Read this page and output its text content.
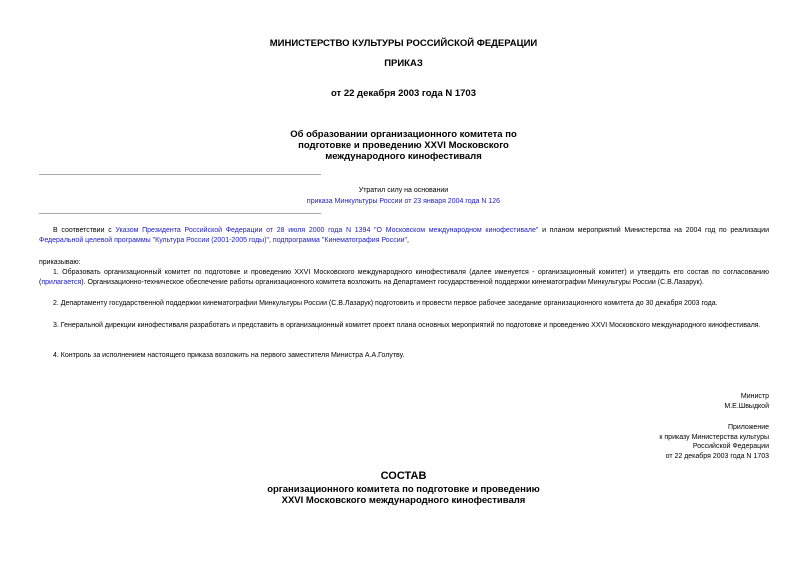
МИНИСТЕРСТВО КУЛЬТУРЫ РОССИЙСКОЙ ФЕДЕРАЦИИ
ПРИКАЗ
от 22 декабря 2003 года N 1703
Об образовании организационного комитета по
подготовке и проведению XXVI Московского
международного кинофестиваля
Утратил силу на основании
приказа Минкультуры России от 23 января 2004 года N 126
В соответствии с Указом Президента Российской Федерации от 28 июля 2000 года N 1394 "О Московском международном кинофестивале" и планом мероприятий Министерства на 2004 год по реализации Федеральной целевой программы "Культура России (2001-2005 годы)", подпрограмма "Кинематография России",
приказываю:
1. Образовать организационный комитет по подготовке и проведению XXVI Московского международного кинофестиваля (далее именуется - организационный комитет) и утвердить его состав по согласованию (прилагается). Организационно-техническое обеспечение работы организационного комитета возложить на Департамент государственной поддержки кинематографии Минкультуры России (С.В.Лазарук).
2. Департаменту государственной поддержки кинематографии Минкультуры России (С.В.Лазарук) подготовить и провести первое рабочее заседание организационного комитета до 30 декабря 2003 года.
3. Генеральной дирекции кинофестиваля разработать и представить в организационный комитет проект плана основных мероприятий по подготовке и проведению XXVI Московского международного кинофестиваля.
4. Контроль за исполнением настоящего приказа возложить на первого заместителя Министра А.А.Голутву.
Министр
М.Е.Швыдкой
Приложение
к приказу Министерства культуры
Российской Федерации
от 22 декабря 2003 года N 1703
СОСТАВ
организационного комитета по подготовке и проведению
XXVI Московского международного кинофестиваля
